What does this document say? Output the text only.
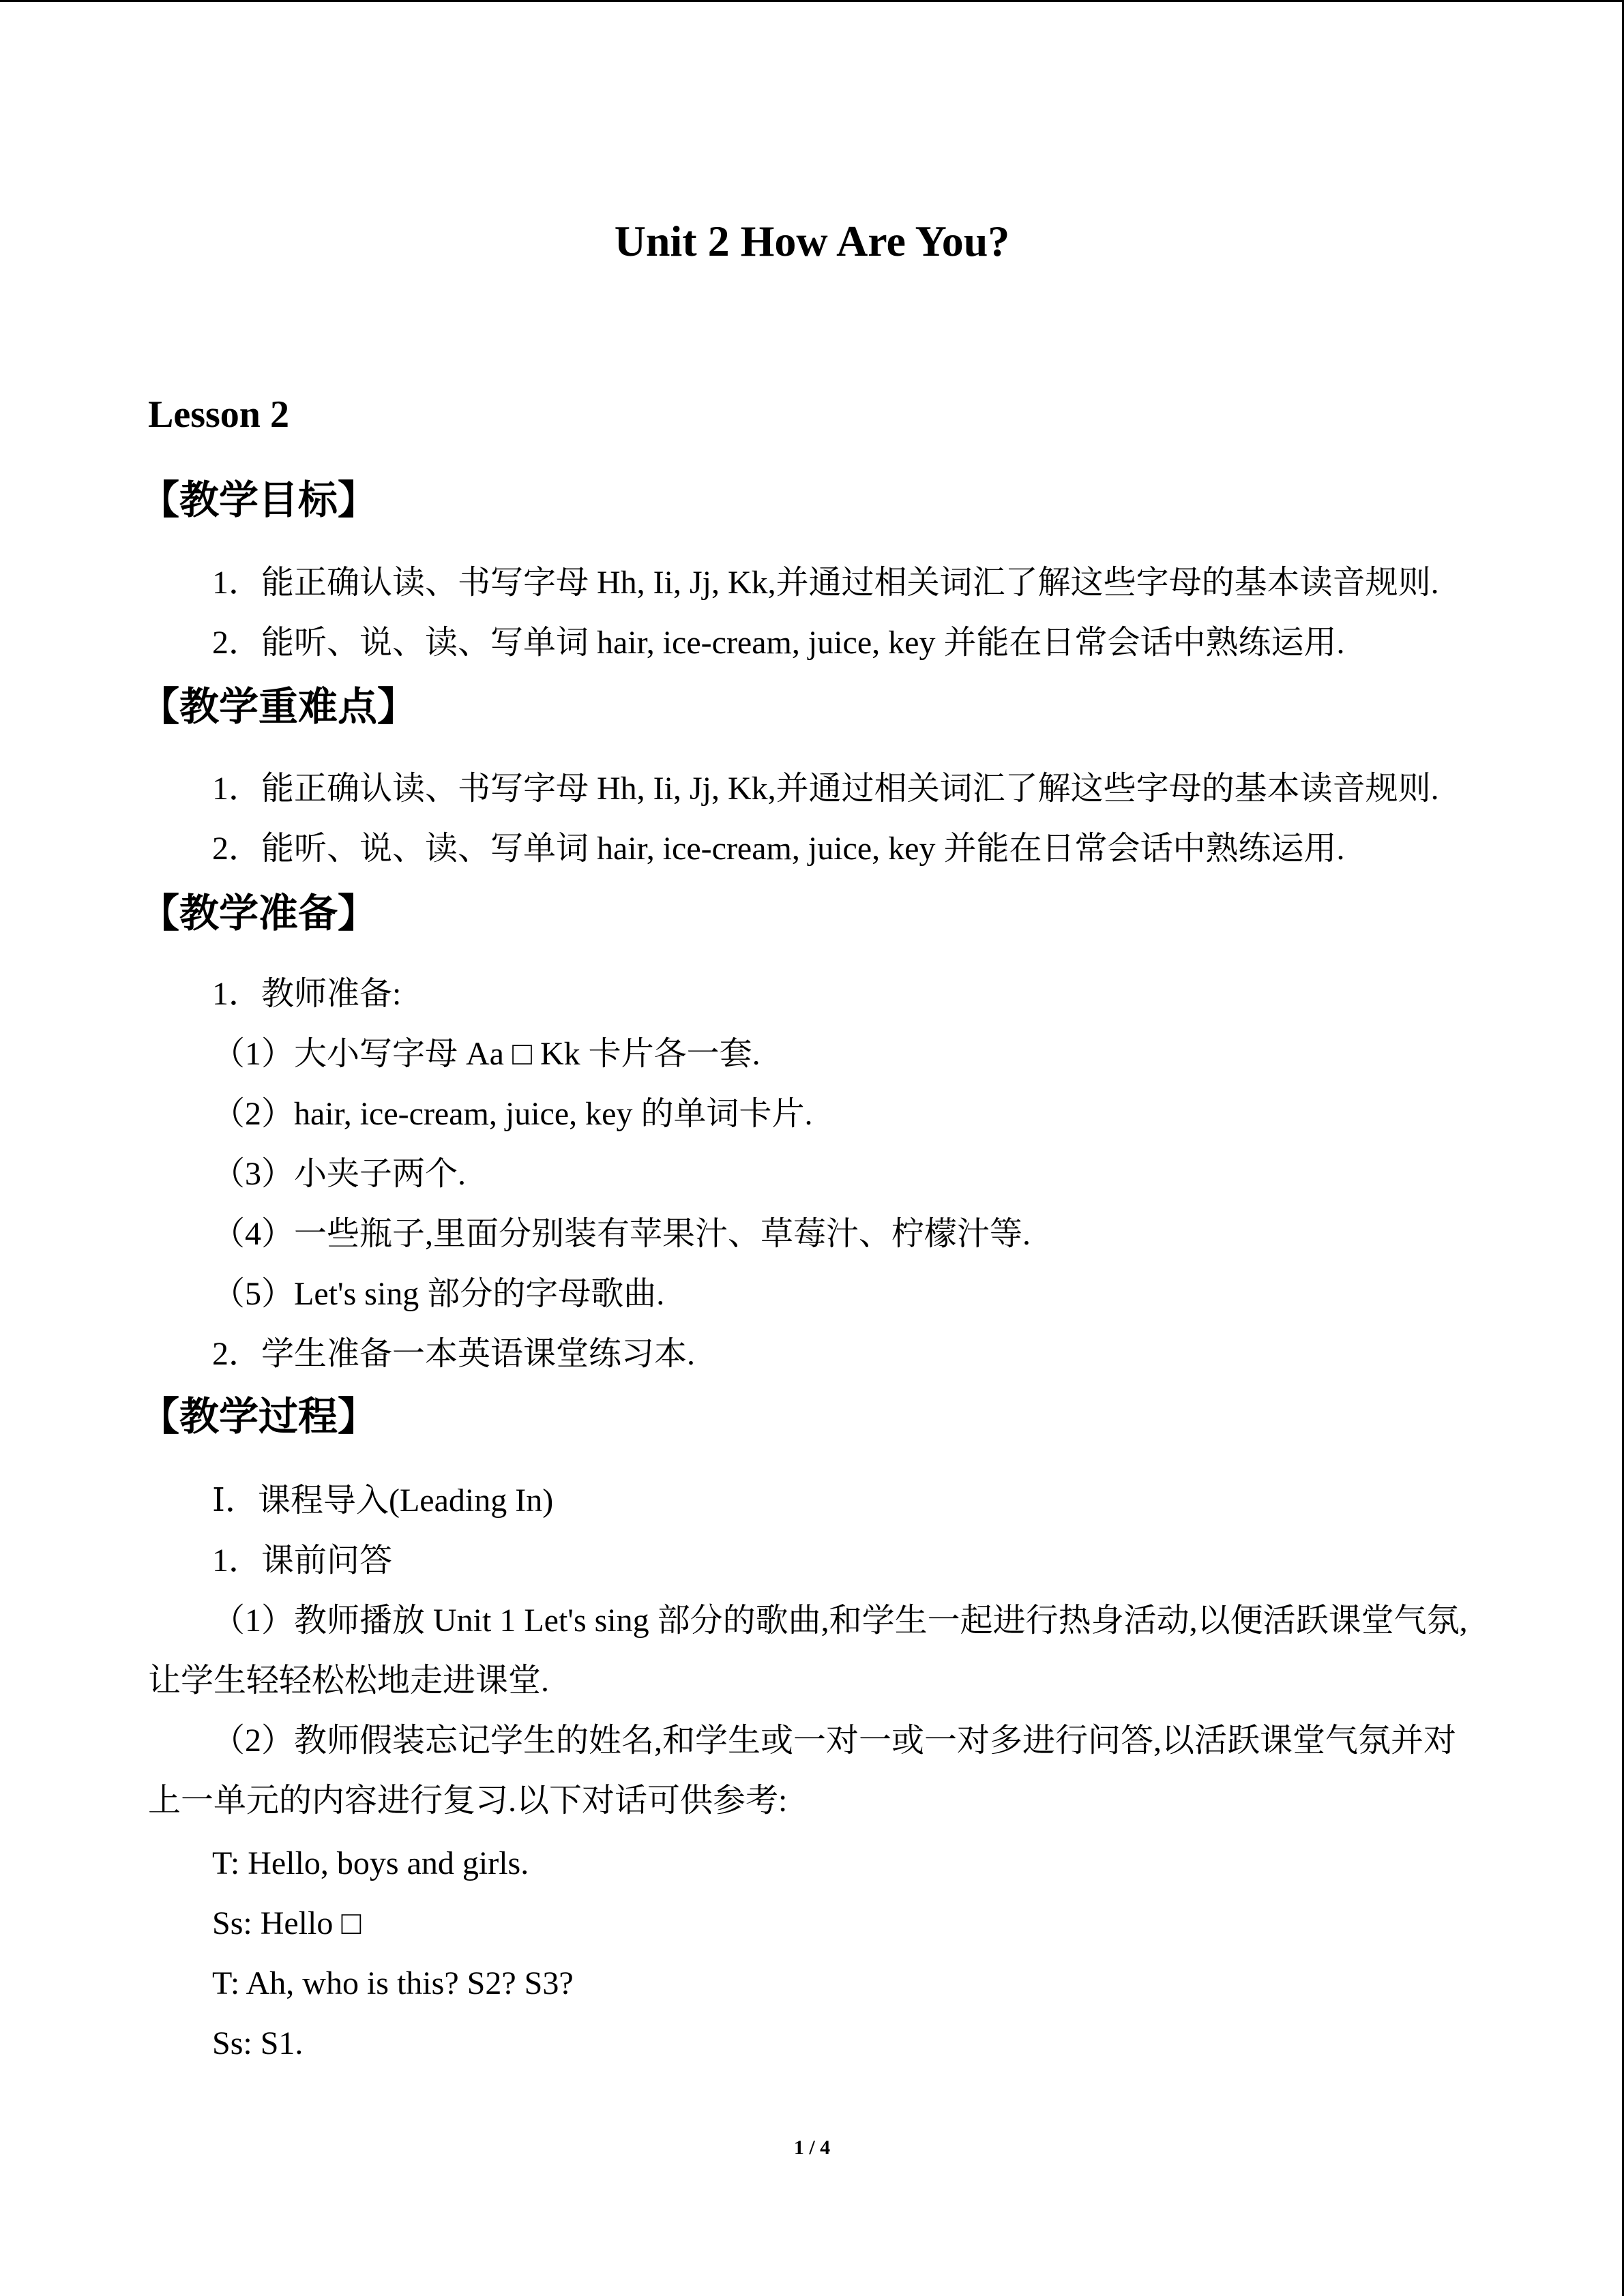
Unit 2 How Are You?
Lesson 2
【教学目标】
1．能正确认读、书写字母 Hh, Ii, Jj, Kk,并通过相关词汇了解这些字母的基本读音规则.
2．能听、说、读、写单词 hair, ice-cream, juice, key 并能在日常会话中熟练运用.
【教学重难点】
1．能正确认读、书写字母 Hh, Ii, Jj, Kk,并通过相关词汇了解这些字母的基本读音规则.
2．能听、说、读、写单词 hair, ice-cream, juice, key 并能在日常会话中熟练运用.
【教学准备】
1．教师准备:
（1）大小写字母 Aa □ Kk 卡片各一套.
（2）hair, ice-cream, juice, key 的单词卡片.
（3）小夹子两个.
（4）一些瓶子,里面分别装有苹果汁、草莓汁、柠檬汁等.
（5）Let's sing 部分的字母歌曲.
2．学生准备一本英语课堂练习本.
【教学过程】
Ⅰ．课程导入(Leading In)
1．课前问答
（1）教师播放 Unit 1 Let's sing 部分的歌曲,和学生一起进行热身活动,以便活跃课堂气氛,
让学生轻轻松松地走进课堂.
（2）教师假装忘记学生的姓名,和学生或一对一或一对多进行问答,以活跃课堂气氛并对
上一单元的内容进行复习.以下对话可供参考:
T: Hello, boys and girls.
Ss: Hello □
T: Ah, who is this? S2? S3?
Ss: S1.
1 / 4
